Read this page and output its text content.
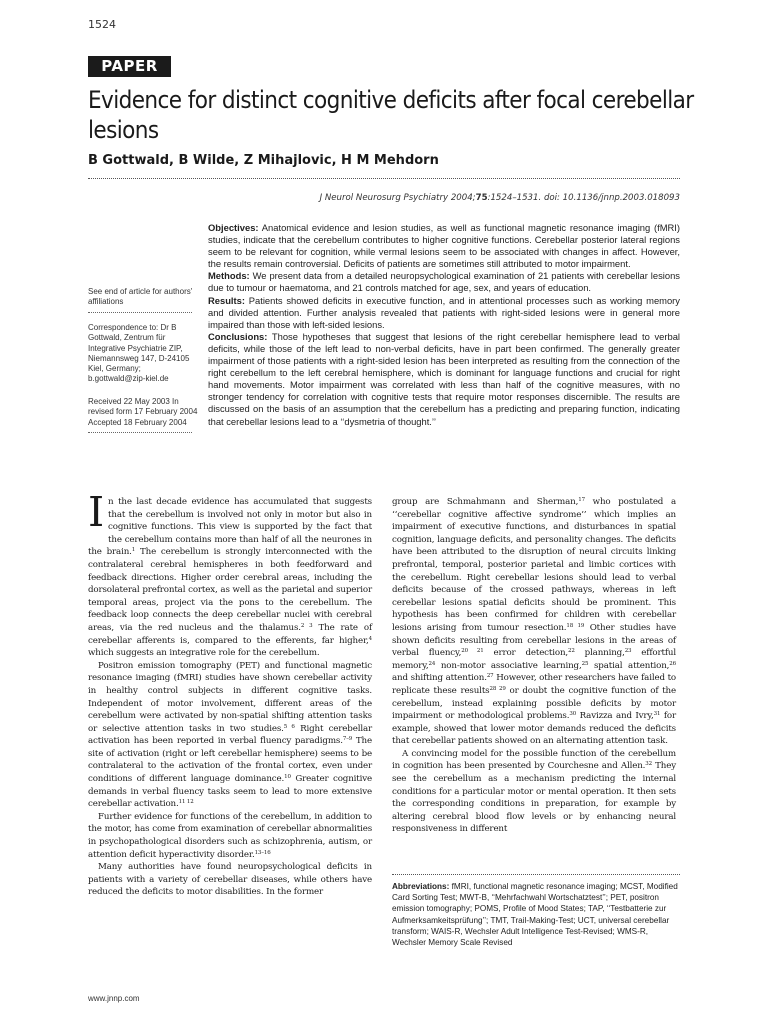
1524
PAPER
Evidence for distinct cognitive deficits after focal cerebellar lesions
B Gottwald, B Wilde, Z Mihajlovic, H M Mehdorn
J Neurol Neurosurg Psychiatry 2004;75:1524–1531. doi: 10.1136/jnnp.2003.018093
See end of article for authors' affiliations
Correspondence to: Dr B Gottwald, Zentrum für Integrative Psychiatrie ZIP, Niemannsweg 147, D-24105 Kiel, Germany; b.gottwald@zip-kiel.de
Received 22 May 2003 In revised form 17 February 2004 Accepted 18 February 2004

Objectives: Anatomical evidence and lesion studies, as well as functional magnetic resonance imaging (fMRI) studies, indicate that the cerebellum contributes to higher cognitive functions. Cerebellar posterior lateral regions seem to be relevant for cognition, while vermal lesions seem to be associated with changes in affect. However, the results remain controversial. Deficits of patients are sometimes still attributed to motor impairment.

Methods: We present data from a detailed neuropsychological examination of 21 patients with cerebellar lesions due to tumour or haematoma, and 21 controls matched for age, sex, and years of education.

Results: Patients showed deficits in executive function, and in attentional processes such as working memory and divided attention. Further analysis revealed that patients with right-sided lesions were in general more impaired than those with left-sided lesions.

Conclusions: Those hypotheses that suggest that lesions of the right cerebellar hemisphere lead to verbal deficits, while those of the left lead to non-verbal deficits, have in part been confirmed. The generally greater impairment of those patients with a right-sided lesion has been interpreted as resulting from the connection of the right cerebellum to the left cerebral hemisphere, which is dominant for language functions and crucial for right hand movements. Motor impairment was correlated with less than half of the cognitive measures, with no stronger tendency for correlation with cognitive tests that require motor responses discernible. The results are discussed on the basis of an assumption that the cerebellum has a predicting and preparing function, indicating that cerebellar lesions lead to a ‘‘dysmetria of thought.’’

In the last decade evidence has accumulated that suggests that the cerebellum is involved not only in motor but also in cognitive functions. This view is supported by the fact that the cerebellum contains more than half of all the neurones in the brain.$^1$ The cerebellum is strongly interconnected with the contralateral cerebral hemispheres in both feedforward and feedback directions. Higher order cerebral areas, including the dorsolateral prefrontal cortex, as well as the parietal and superior temporal areas, project via the pons to the cerebellum. The feedback loop connects the deep cerebellar nuclei with cerebral areas, via the red nucleus and the thalamus.$^{2 3}$ The rate of cerebellar afferents is, compared to the efferents, far higher,$^4$ which suggests an integrative role for the cerebellum.

Positron emission tomography (PET) and functional magnetic resonance imaging (fMRI) studies have shown cerebellar activity in healthy control subjects in different cognitive tasks. Independent of motor involvement, different areas of the cerebellum were activated by non-spatial shifting attention tasks or selective attention tasks in two studies.$^{5 6}$ Right cerebellar activation has been reported in verbal fluency paradigms.$^{7-9}$ The site of activation (right or left cerebellar hemisphere) seems to be contralateral to the activation of the frontal cortex, even under conditions of different language dominance.$^{10}$ Greater cognitive demands in verbal fluency tasks seem to lead to more extensive cerebellar activation.$^{11 12}$

Further evidence for functions of the cerebellum, in addition to the motor, has come from examination of cerebellar abnormalities in psychopathological disorders such as schizophrenia, autism, or attention deficit hyperactivity disorder.$^{13-16}$

Many authorities have found neuropsychological deficits in patients with a variety of cerebellar diseases, while others have reduced the deficits to motor disabilities. In the former

group are Schmahmann and Sherman,$^{17}$ who postulated a ‘‘cerebellar cognitive affective syndrome’’ which implies an impairment of executive functions, and disturbances in spatial cognition, language deficits, and personality changes. The deficits have been attributed to the disruption of neural circuits linking prefrontal, temporal, posterior parietal and limbic cortices with the cerebellum. Right cerebellar lesions should lead to verbal deficits because of the crossed pathways, whereas in left cerebellar lesions spatial deficits should be prominent. This hypothesis has been confirmed for children with cerebellar lesions arising from tumour resection.$^{18 19}$ Other studies have shown deficits resulting from cerebellar lesions in the areas of verbal fluency,$^{20 21}$ error detection,$^{22}$ planning,$^{23}$ effortful memory,$^{24}$ non-motor associative learning,$^{25}$ spatial attention,$^{26}$ and shifting attention.$^{27}$ However, other researchers have failed to replicate these results$^{28 29}$ or doubt the cognitive function of the cerebellum, instead explaining possible deficits by motor impairment or methodological problems.$^{30}$ Ravizza and Ivry,$^{31}$ for example, showed that lower motor demands reduced the deficits that cerebellar patients showed on an alternating attention task.

A convincing model for the possible function of the cerebellum in cognition has been presented by Courchesne and Allen.$^{32}$ They see the cerebellum as a mechanism predicting the internal conditions for a particular motor or mental operation. It then sets the corresponding conditions in preparation, for example by altering cerebral blood flow levels or by enhancing neural responsiveness in different

Abbreviations: fMRI, functional magnetic resonance imaging; MCST, Modified Card Sorting Test; MWT-B, ‘‘Mehrfachwahl Wortschatztest’’; PET, positron emission tomography; POMS, Profile of Mood States; TAP, ‘‘Testbatterie zur Aufmerksamkeitsprüfung’’; TMT, Trail-Making-Test; UCT, universal cerebellar transform; WAIS-R, Wechsler Adult Intelligence Test-Revised; WMS-R, Wechsler Memory Scale Revised
www.jnnp.com
